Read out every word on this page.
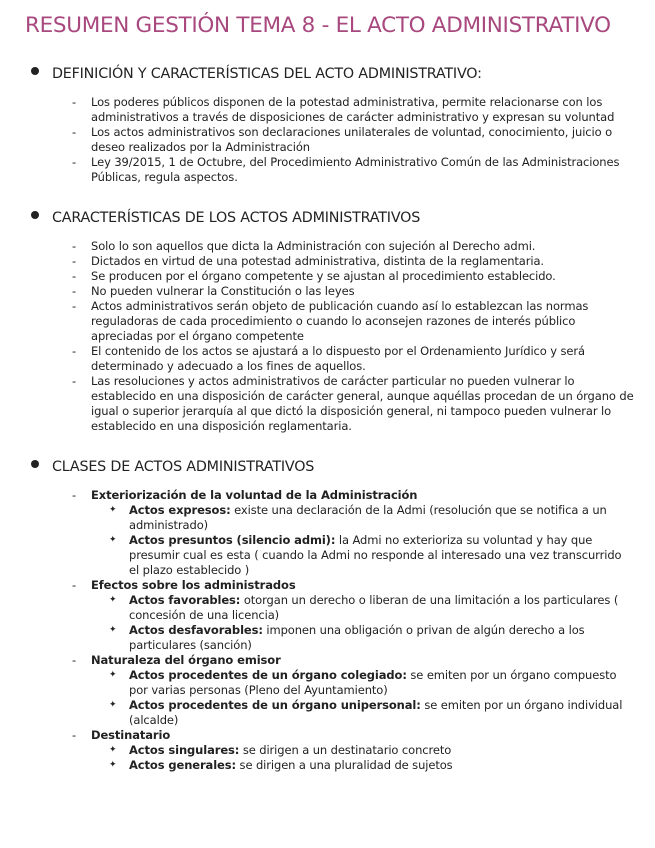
RESUMEN GESTIÓN TEMA 8 - EL ACTO ADMINISTRATIVO
DEFINICIÓN Y CARACTERÍSTICAS DEL ACTO ADMINISTRATIVO:
- Los poderes públicos disponen de la potestad administrativa, permite relacionarse con los administrativos a través de disposiciones de carácter administrativo y expresan su voluntad
- Los actos administrativos son declaraciones unilaterales de voluntad, conocimiento, juicio o deseo realizados por la Administración
- Ley 39/2015, 1 de Octubre, del Procedimiento Administrativo Común de las Administraciones Públicas, regula aspectos.
CARACTERÍSTICAS DE LOS ACTOS ADMINISTRATIVOS
- Solo lo son aquellos que dicta la Administración con sujeción al Derecho admi.
- Dictados en virtud de una potestad administrativa, distinta de la reglamentaria.
- Se producen por el órgano competente y se ajustan al procedimiento establecido.
- No pueden vulnerar la Constitución o las leyes
- Actos administrativos serán objeto de publicación cuando así lo establezcan las normas reguladoras de cada procedimiento o cuando lo aconsejen razones de interés público apreciadas por el órgano competente
- El contenido de los actos se ajustará a lo dispuesto por el Ordenamiento Jurídico y será determinado y adecuado a los fines de aquellos.
- Las resoluciones y actos administrativos de carácter particular no pueden vulnerar lo establecido en una disposición de carácter general, aunque aquéllas procedan de un órgano de igual o superior jerarquía al que dictó la disposición general, ni tampoco pueden vulnerar lo establecido en una disposición reglamentaria.
CLASES DE ACTOS ADMINISTRATIVOS
- Exteriorización de la voluntad de la Administración
✦ Actos expresos: existe una declaración de la Admi (resolución que se notifica a un administrado)
✦ Actos presuntos (silencio admi): la Admi no exterioriza su voluntad y hay que presumir cual es esta ( cuando la Admi no responde al interesado una vez transcurrido el plazo establecido )
- Efectos sobre los administrados
✦ Actos favorables: otorgan un derecho o liberan de una limitación a los particulares ( concesión de una licencia)
✦ Actos desfavorables: imponen una obligación o privan de algún derecho a los particulares (sanción)
- Naturaleza del órgano emisor
✦ Actos procedentes de un órgano colegiado: se emiten por un órgano compuesto por varias personas (Pleno del Ayuntamiento)
✦ Actos procedentes de un órgano unipersonal: se emiten por un órgano individual (alcalde)
- Destinatario
✦ Actos singulares: se dirigen a un destinatario concreto
✦ Actos generales: se dirigen a una pluralidad de sujetos
